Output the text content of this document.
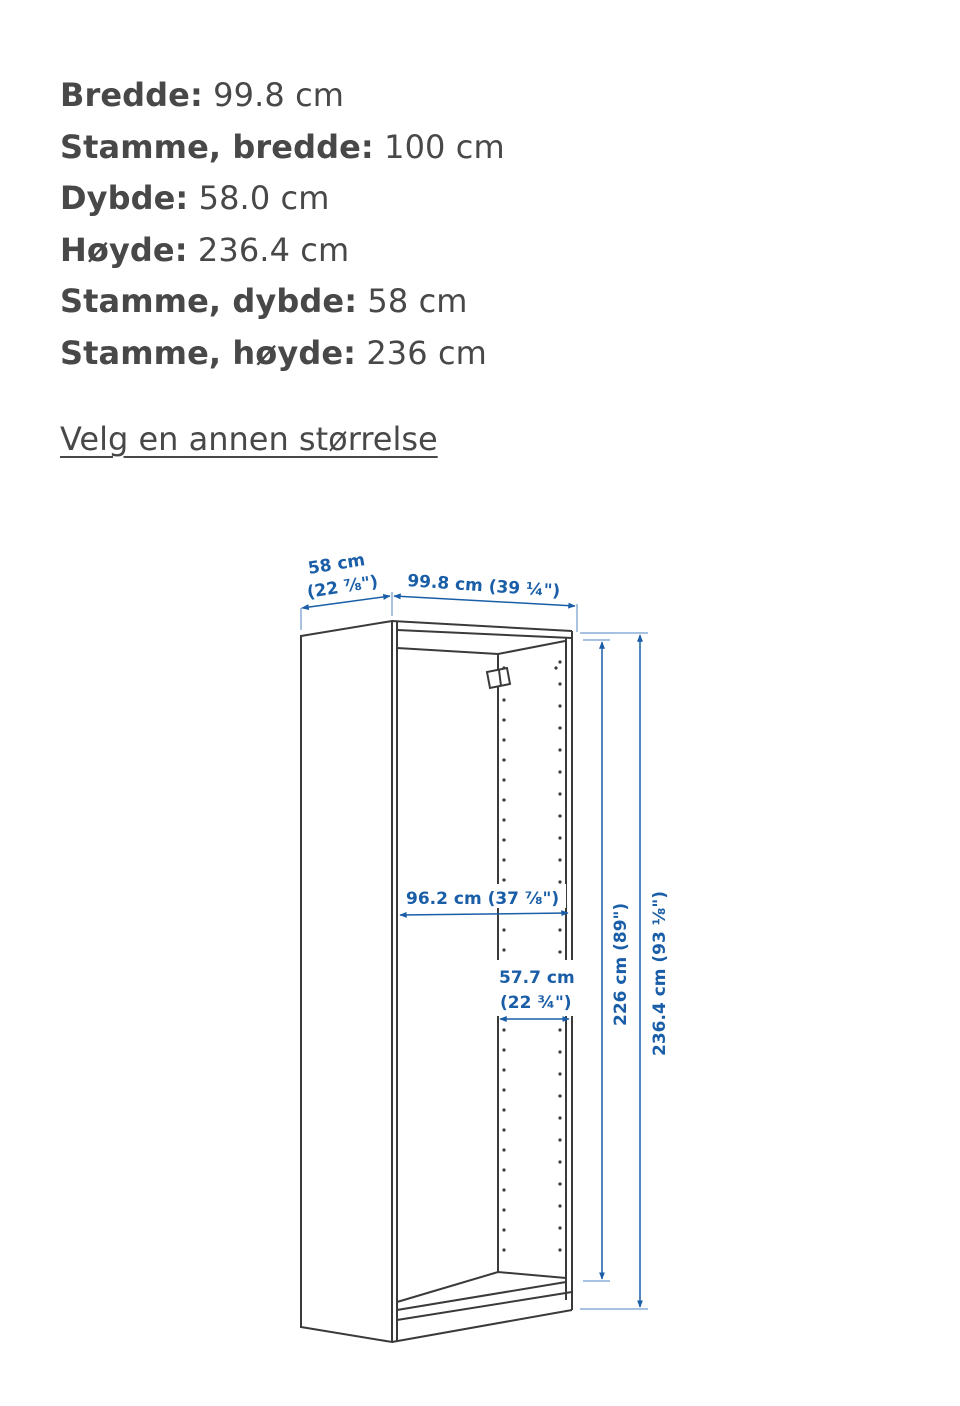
Bredde: 99.8 cm
Stamme, bredde: 100 cm
Dybde: 58.0 cm
Høyde: 236.4 cm
Stamme, dybde: 58 cm
Stamme, høyde: 236 cm
Velg en annen størrelse
58 cm
(22 ⅞") 99.8 cm (39 ¼")
96.2 cm (37 ⅞")
57.7 cm
(22 ¾") 226 cm (89") 236.4 cm (93 ⅛")
